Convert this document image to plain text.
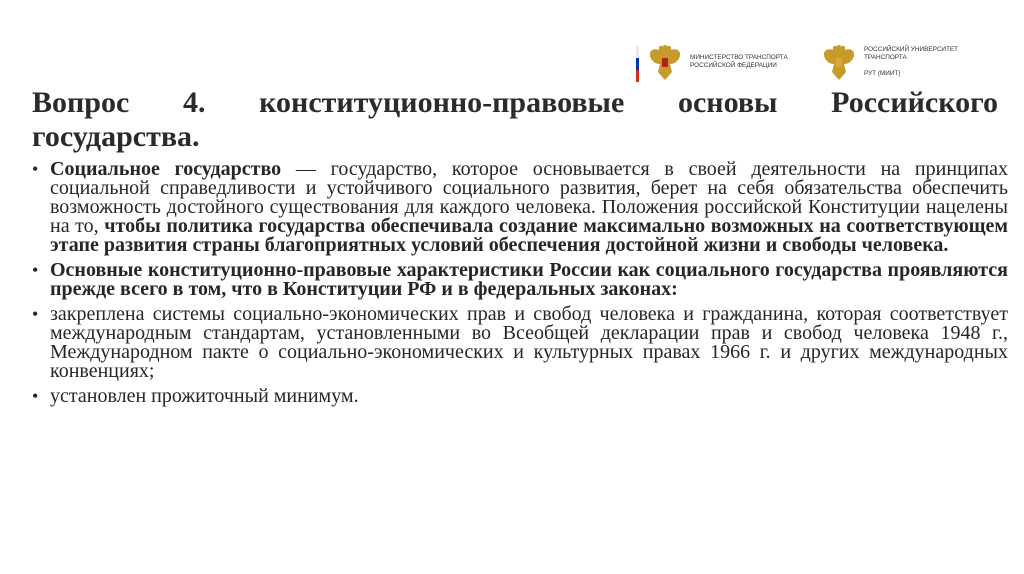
МИНИСТЕРСТВО ТРАНСПОРТА
РОССИЙСКОЙ ФЕДЕРАЦИИ
РОССИЙСКИЙ УНИВЕРСИТЕТ
ТРАНСПОРТА
РУТ (МИИТ)
Вопрос 4. конституционно-правовые основы Российского
государства.
• Социальное государство — государство, которое основывается в своей деятельности на принципах социальной справедливости и устойчивого социального развития, берет на себя обязательства обеспечить возможность достойного существования для каждого человека. Положения российской Конституции нацелены на то, чтобы политика государства обеспечивала создание максимально возможных на соответствующем этапе развития страны благоприятных условий обеспечения достойной жизни и свободы человека.
• Основные конституционно-правовые характеристики России как социального государства проявляются прежде всего в том, что в Конституции РФ и в федеральных законах:
• закреплена системы социально-экономических прав и свобод человека и гражданина, которая соответствует международным стандартам, установленными во Всеобщей декларации прав и свобод человека 1948 г., Международном пакте о социально-экономических и культурных правах 1966 г. и других международных конвенциях;
• установлен прожиточный минимум.
